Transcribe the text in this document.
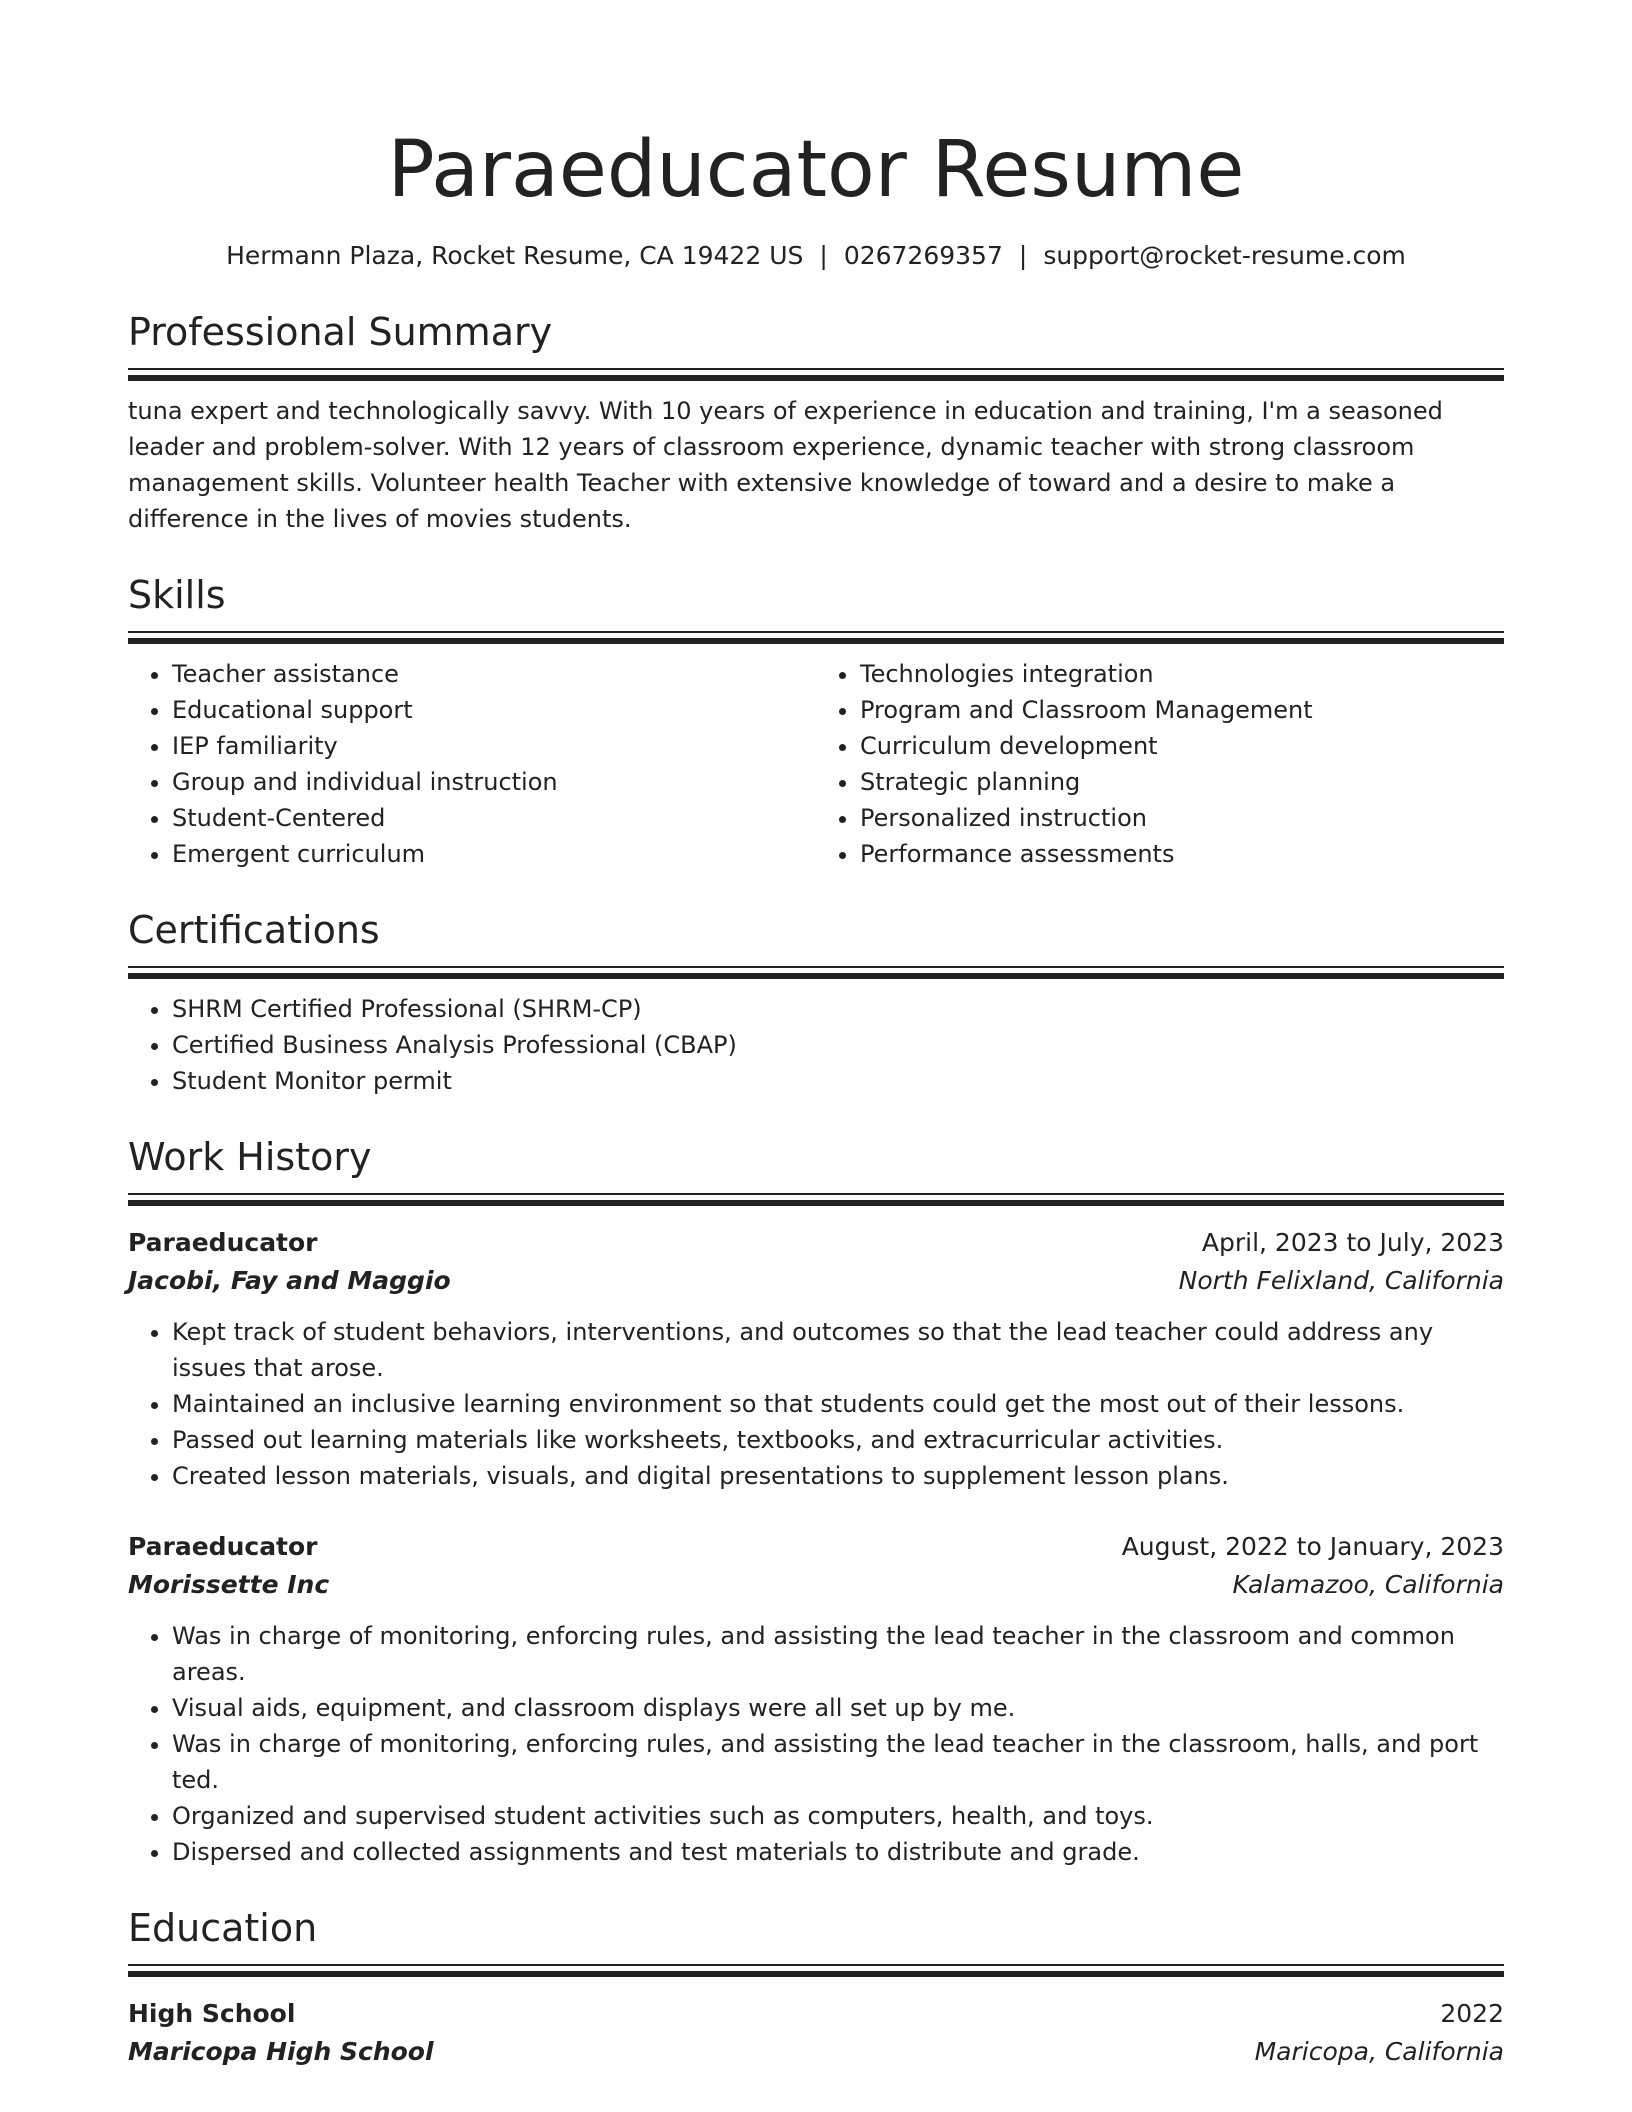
Paraeducator Resume
Hermann Plaza, Rocket Resume, CA 19422 US | 0267269357 | support@rocket-resume.com
Professional Summary
tuna expert and technologically savvy. With 10 years of experience in education and training, I'm a seasoned leader and problem-solver. With 12 years of classroom experience, dynamic teacher with strong classroom management skills. Volunteer health Teacher with extensive knowledge of toward and a desire to make a difference in the lives of movies students.
Skills
• Teacher assistance
• Educational support
• IEP familiarity
• Group and individual instruction
• Student-Centered
• Emergent curriculum
• Technologies integration
• Program and Classroom Management
• Curriculum development
• Strategic planning
• Personalized instruction
• Performance assessments
Certifications
• SHRM Certified Professional (SHRM-CP)
• Certified Business Analysis Professional (CBAP)
• Student Monitor permit
Work History
Paraeducator	April, 2023 to July, 2023
Jacobi, Fay and Maggio	North Felixland, California
• Kept track of student behaviors, interventions, and outcomes so that the lead teacher could address any issues that arose.
• Maintained an inclusive learning environment so that students could get the most out of their lessons.
• Passed out learning materials like worksheets, textbooks, and extracurricular activities.
• Created lesson materials, visuals, and digital presentations to supplement lesson plans.
Paraeducator	August, 2022 to January, 2023
Morissette Inc	Kalamazoo, California
• Was in charge of monitoring, enforcing rules, and assisting the lead teacher in the classroom and common areas.
• Visual aids, equipment, and classroom displays were all set up by me.
• Was in charge of monitoring, enforcing rules, and assisting the lead teacher in the classroom, halls, and port ted.
• Organized and supervised student activities such as computers, health, and toys.
• Dispersed and collected assignments and test materials to distribute and grade.
Education
High School	2022
Maricopa High School	Maricopa, California
